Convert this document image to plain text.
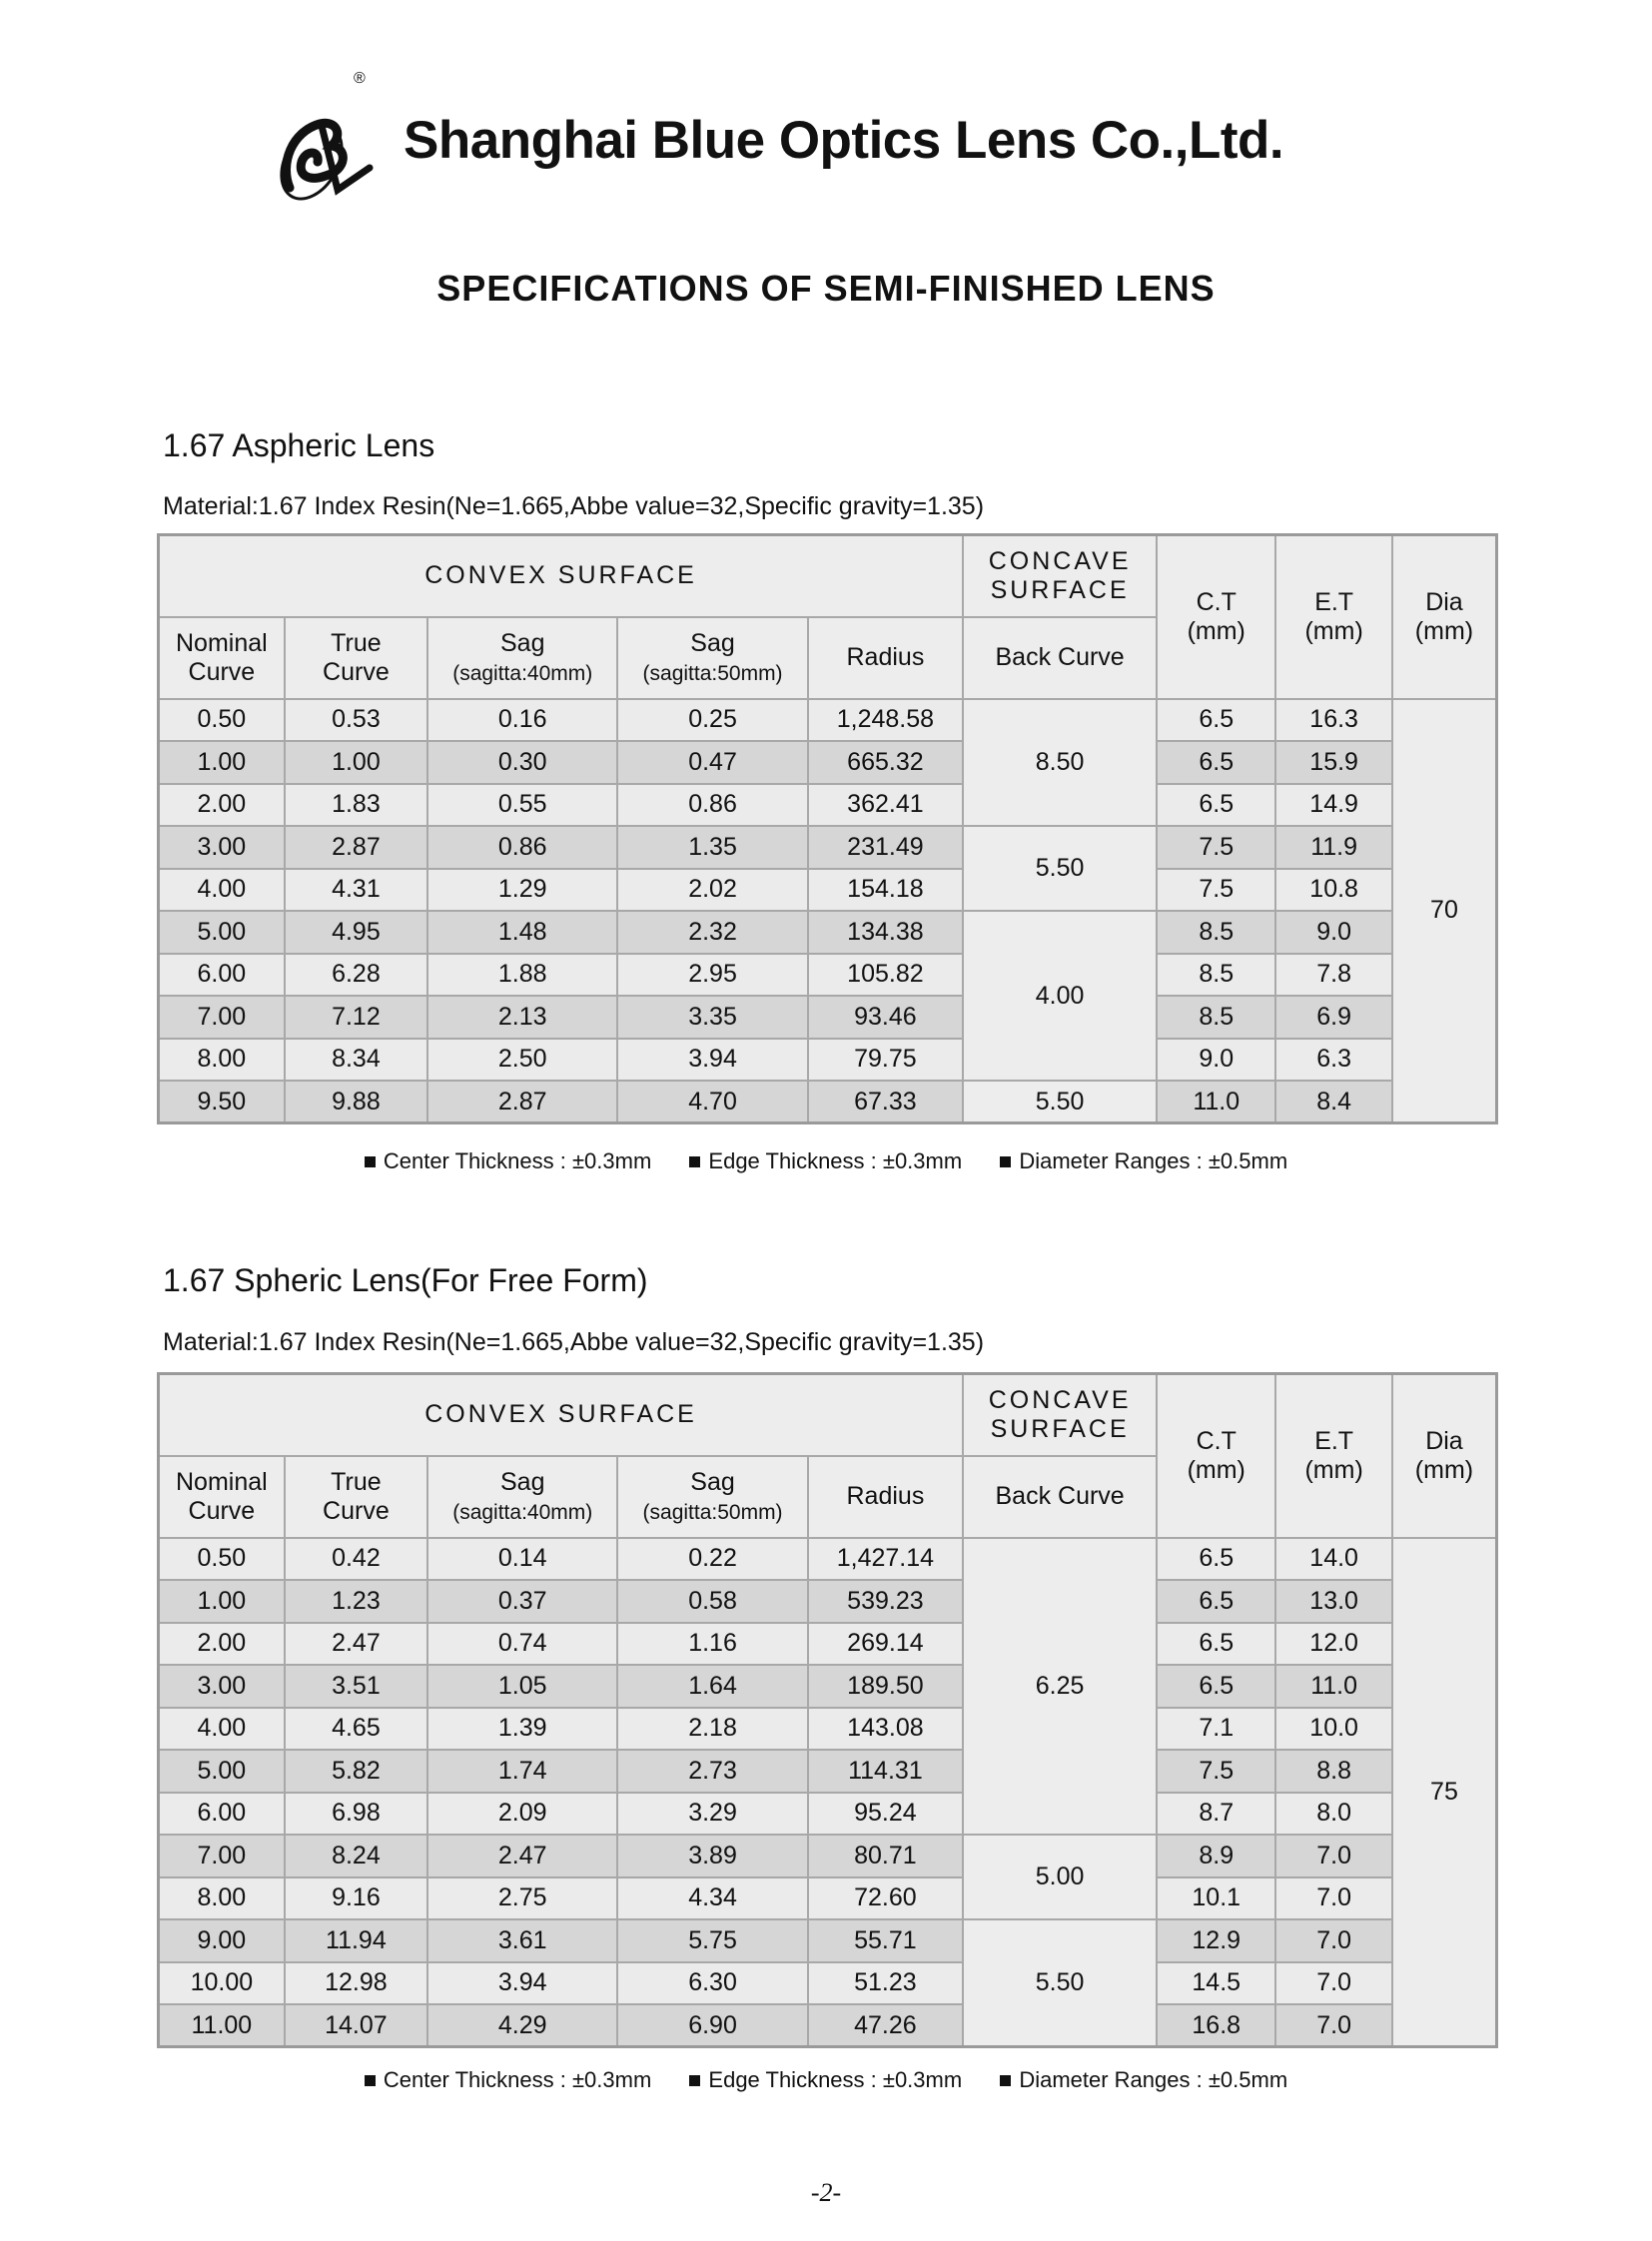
®
Shanghai Blue Optics Lens Co.,Ltd.
SPECIFICATIONS OF SEMI-FINISHED LENS
1.67 Aspheric Lens
Material:1.67 Index Resin(Ne=1.665,Abbe value=32,Specific gravity=1.35)
CONVEX SURFACE					CONCAVE
SURFACE	C.T
(mm)	E.T
(mm)	Dia
(mm)
Nominal
Curve	True
Curve	Sag
(sagitta:40mm)	Sag
(sagitta:50mm)	Radius	Back Curve			
0.50	0.53	0.16	0.25	1,248.58	8.50	6.5	16.3	70
1.00	1.00	0.30	0.47	665.32		6.5	15.9	
2.00	1.83	0.55	0.86	362.41		6.5	14.9	
3.00	2.87	0.86	1.35	231.49	5.50	7.5	11.9	
4.00	4.31	1.29	2.02	154.18		7.5	10.8	
5.00	4.95	1.48	2.32	134.38	4.00	8.5	9.0	
6.00	6.28	1.88	2.95	105.82		8.5	7.8	
7.00	7.12	2.13	3.35	93.46		8.5	6.9	
8.00	8.34	2.50	3.94	79.75		9.0	6.3	
9.50	9.88	2.87	4.70	67.33	5.50	11.0	8.4	
Center Thickness : ±0.3mm	Edge Thickness : ±0.3mm	Diameter Ranges : ±0.5mm
1.67 Spheric Lens(For Free Form)
Material:1.67 Index Resin(Ne=1.665,Abbe value=32,Specific gravity=1.35)
CONVEX SURFACE					CONCAVE
SURFACE	C.T
(mm)	E.T
(mm)	Dia
(mm)
Nominal
Curve	True
Curve	Sag
(sagitta:40mm)	Sag
(sagitta:50mm)	Radius	Back Curve			
0.50	0.42	0.14	0.22	1,427.14	6.25	6.5	14.0	75
1.00	1.23	0.37	0.58	539.23		6.5	13.0	
2.00	2.47	0.74	1.16	269.14		6.5	12.0	
3.00	3.51	1.05	1.64	189.50		6.5	11.0	
4.00	4.65	1.39	2.18	143.08		7.1	10.0	
5.00	5.82	1.74	2.73	114.31		7.5	8.8	
6.00	6.98	2.09	3.29	95.24		8.7	8.0	
7.00	8.24	2.47	3.89	80.71	5.00	8.9	7.0	
8.00	9.16	2.75	4.34	72.60		10.1	7.0	
9.00	11.94	3.61	5.75	55.71	5.50	12.9	7.0	
10.00	12.98	3.94	6.30	51.23		14.5	7.0	
11.00	14.07	4.29	6.90	47.26		16.8	7.0	
Center Thickness : ±0.3mm	Edge Thickness : ±0.3mm	Diameter Ranges : ±0.5mm
-2-
